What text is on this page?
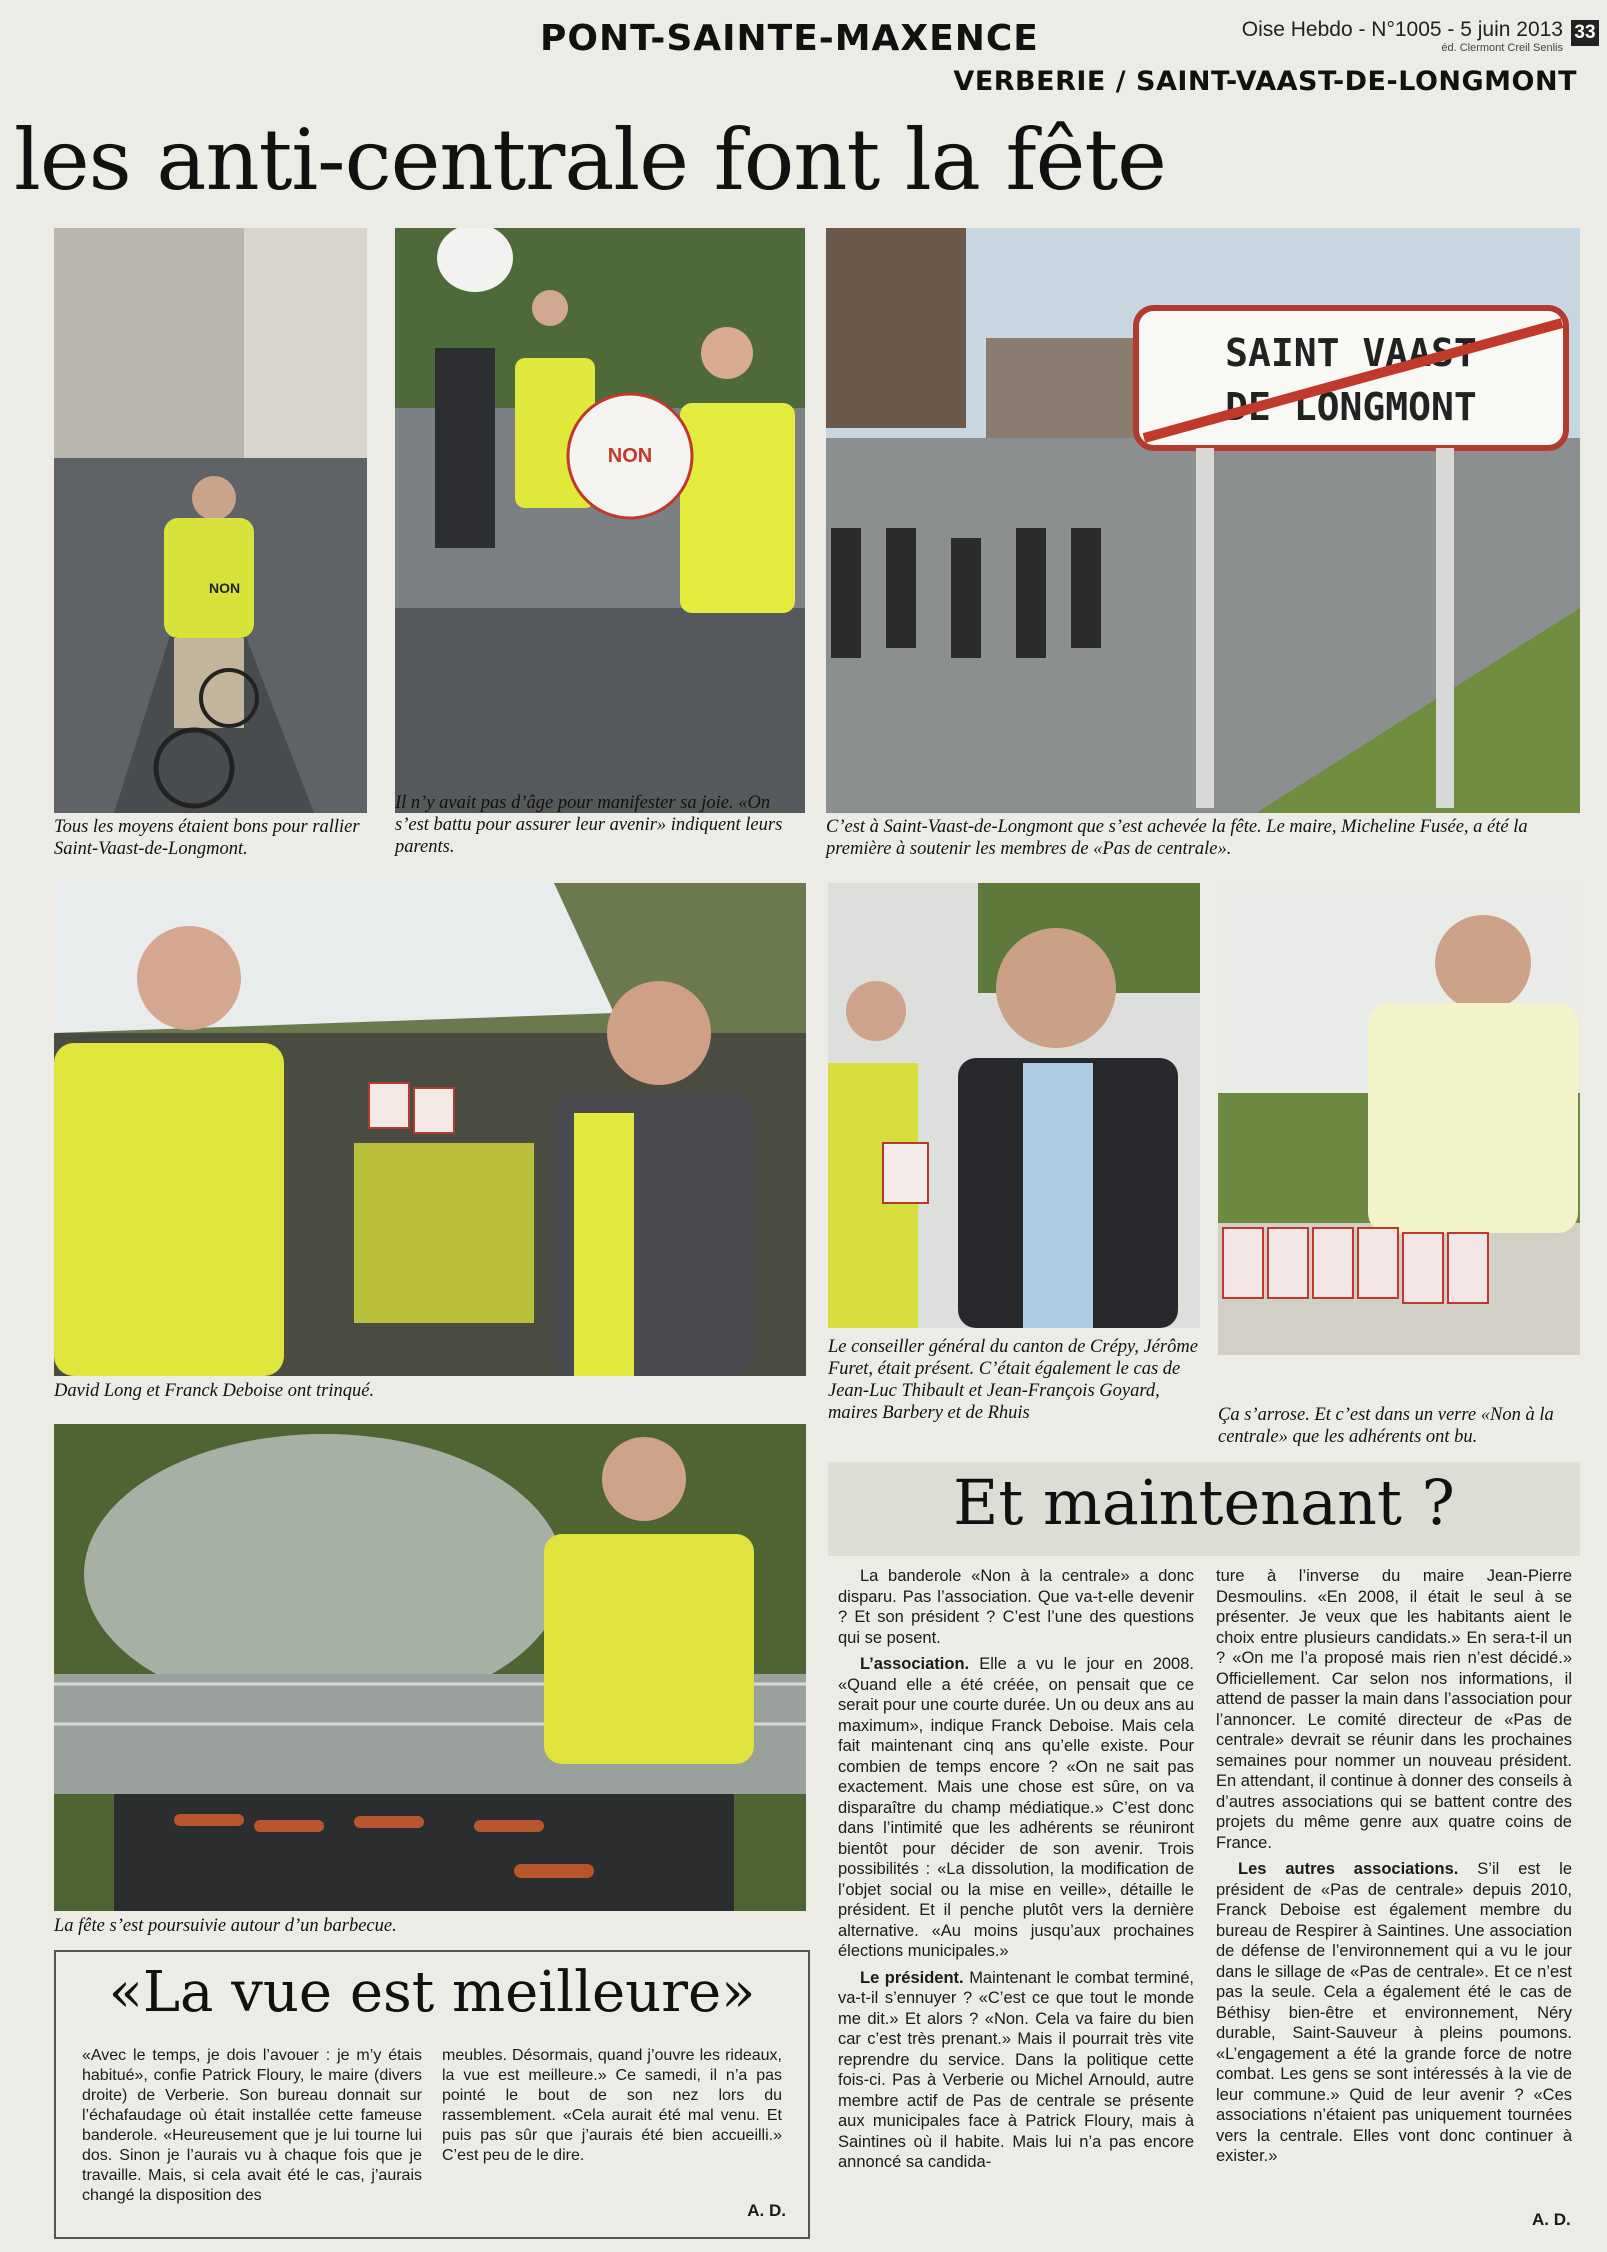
PONT-SAINTE-MAXENCE	Oise Hebdo - N°1005 - 5 juin 2013
éd. Clermont Creil Senlis
33
VERBERIE / SAINT-VAAST-DE-LONGMONT
les anti-centrale font la fête
NON
NON
SAINT VAAST
DE LONGMONT
Tous les moyens étaient bons pour rallier Saint-Vaast-de-Longmont.
Il n’y avait pas d’âge pour manifester sa joie. «On s’est battu pour assurer leur avenir» indiquent leurs parents.
C’est à Saint-Vaast-de-Longmont que s’est achevée la fête. Le maire, Micheline Fusée, a été la première à soutenir les membres de «Pas de centrale».
David Long et Franck Deboise ont trinqué.
Le conseiller général du canton de Crépy, Jérôme Furet, était présent. C’était également le cas de Jean-Luc Thibault et Jean-François Goyard, maires Barbery et de Rhuis	Ça s’arrose. Et c’est dans un verre «Non à la centrale» que les adhérents ont bu.
La fête s’est poursuivie autour d’un barbecue.
«La vue est meilleure»
«Avec le temps, je dois l’avouer : je m’y étais habitué», confie Patrick Floury, le maire (divers droite) de Verberie. Son bureau donnait sur l’échafaudage où était installée cette fameuse banderole. «Heureusement que je lui tourne lui dos. Sinon je l’aurais vu à chaque fois que je travaille. Mais, si cela avait été le cas, j’aurais changé la disposition des
meubles. Désormais, quand j’ouvre les rideaux, la vue est meilleure.» Ce samedi, il n’a pas pointé le bout de son nez lors du rassemblement. «Cela aurait été mal venu. Et puis pas sûr que j’aurais été bien accueilli.» C’est peu de le dire.
A. D.
Et maintenant ?

La banderole «Non à la centrale» a donc disparu. Pas l’association. Que va-t-elle devenir ? Et son président ? C’est l’une des questions qui se posent.

L’association. Elle a vu le jour en 2008. «Quand elle a été créée, on pensait que ce serait pour une courte durée. Un ou deux ans au maximum», indique Franck Deboise. Mais cela fait maintenant cinq ans qu’elle existe. Pour combien de temps encore ? «On ne sait pas exactement. Mais une chose est sûre, on va disparaître du champ médiatique.» C’est donc dans l’intimité que les adhérents se réuniront bientôt pour décider de son avenir. Trois possibilités : «La dissolution, la modification de l’objet social ou la mise en veille», détaille le président. Et il penche plutôt vers la dernière alternative. «Au moins jusqu’aux prochaines élections municipales.»

Le président. Maintenant le combat terminé, va-t-il s’ennuyer ? «C’est ce que tout le monde me dit.» Et alors ? «Non. Cela va faire du bien car c’est très prenant.» Mais il pourrait très vite reprendre du service. Dans la politique cette fois-ci. Pas à Verberie ou Michel Arnould, autre membre actif de Pas de centrale se présente aux municipales face à Patrick Floury, mais à Saintines où il habite. Mais lui n’a pas encore annoncé sa candida-

ture à l’inverse du maire Jean-Pierre Desmoulins. «En 2008, il était le seul à se présenter. Je veux que les habitants aient le choix entre plusieurs candidats.» En sera-t-il un ? «On me l’a proposé mais rien n’est décidé.» Officiellement. Car selon nos informations, il attend de passer la main dans l’association pour l’annoncer. Le comité directeur de «Pas de centrale» devrait se réunir dans les prochaines semaines pour nommer un nouveau président. En attendant, il continue à donner des conseils à d’autres associations qui se battent contre des projets du même genre aux quatre coins de France.

Les autres associations. S’il est le président de «Pas de centrale» depuis 2010, Franck Deboise est également membre du bureau de Respirer à Saintines. Une association de défense de l’environnement qui a vu le jour dans le sillage de «Pas de centrale». Et ce n’est pas la seule. Cela a également été le cas de Béthisy bien-être et environnement, Néry durable, Saint-Sauveur à pleins poumons. «L’engagement a été la grande force de notre combat. Les gens se sont intéressés à la vie de leur commune.» Quid de leur avenir ? «Ces associations n’étaient pas uniquement tournées vers la centrale. Elles vont donc continuer à exister.»

A. D.
